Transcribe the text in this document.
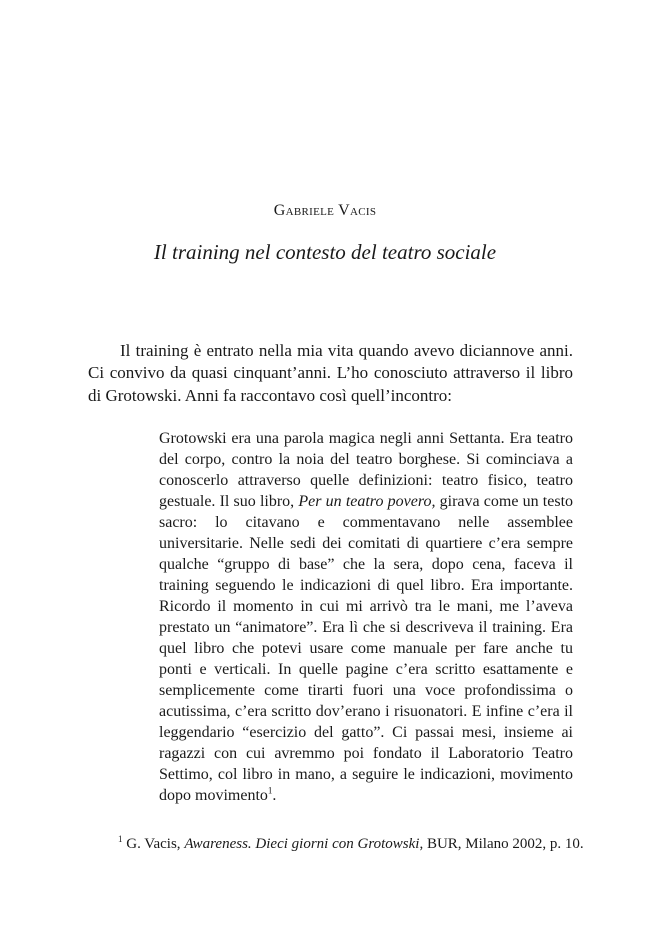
Gabriele Vacis

Il training nel contesto del teatro sociale

Il training è entrato nella mia vita quando avevo diciannove anni. Ci convivo da quasi cinquant’anni. L’ho conosciuto attraverso il libro di Grotowski. Anni fa raccontavo così quell’incontro:

Grotowski era una parola magica negli anni Settanta. Era teatro del corpo, contro la noia del teatro borghese. Si cominciava a conoscerlo attraverso quelle definizioni: teatro fisico, teatro gestuale. Il suo libro, Per un teatro povero, girava come un testo sacro: lo citavano e commentavano nelle assemblee universitarie. Nelle sedi dei comitati di quartiere c’era sempre qualche “gruppo di base” che la sera, dopo cena, faceva il training seguendo le indicazioni di quel libro. Era importante. Ricordo il momento in cui mi arrivò tra le mani, me l’aveva prestato un “animatore”. Era lì che si descriveva il training. Era quel libro che potevi usare come manuale per fare anche tu ponti e verticali. In quelle pagine c’era scritto esattamente e semplicemente come tirarti fuori una voce profondissima o acutissima, c’era scritto dov’erano i risuonatori. E infine c’era il leggendario “esercizio del gatto”. Ci passai mesi, insieme ai ragazzi con cui avremmo poi fondato il Laboratorio Teatro Settimo, col libro in mano, a seguire le indicazioni, movimento dopo movimento$^1$.

$^1$ G. Vacis, Awareness. Dieci giorni con Grotowski, BUR, Milano 2002, p. 10.
